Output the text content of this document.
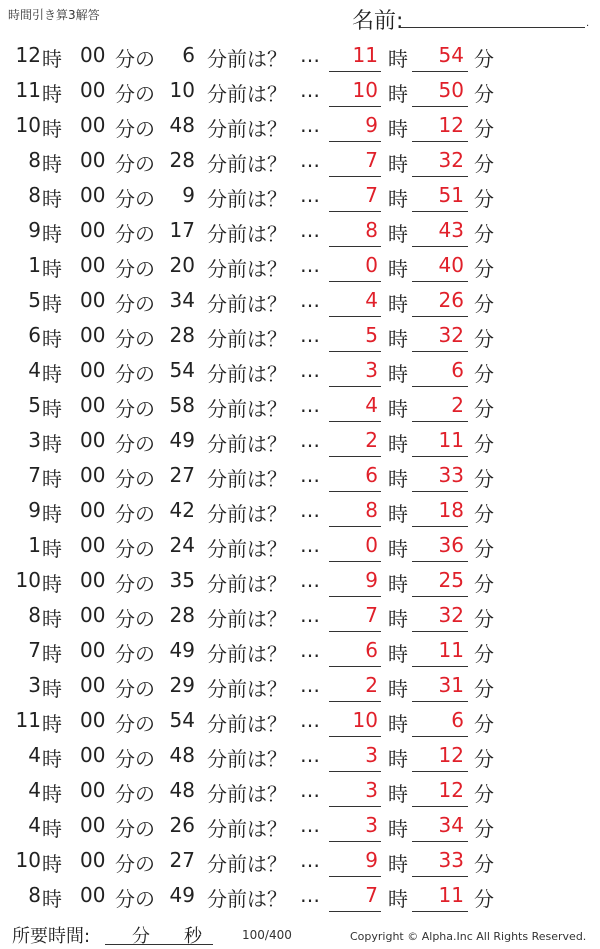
時間引き算3解答	名前:	.
12 時 00 分の	6 分前は？ …	11 時	54 分
11 時 00 分の 10 分前は？ …	10 時	50 分
10 時 00 分の 48 分前は？ …	9 時	12 分
8 時 00 分の 28 分前は？ …	7 時	32 分
8 時 00 分の	9 分前は？ …	7 時	51 分
9 時 00 分の 17 分前は？ …	8 時	43 分
1 時 00 分の 20 分前は？ …	0 時	40 分
5 時 00 分の 34 分前は？ …	4 時	26 分
6 時 00 分の 28 分前は？ …	5 時	32 分
4 時 00 分の 54 分前は？ …	3 時	6 分
5 時 00 分の 58 分前は？ …	4 時	2 分
3 時 00 分の 49 分前は？ …	2 時	11 分
7 時 00 分の 27 分前は？ …	6 時	33 分
9 時 00 分の 42 分前は？ …	8 時	18 分
1 時 00 分の 24 分前は？ …	0 時	36 分
10 時 00 分の 35 分前は？ …	9 時	25 分
8 時 00 分の 28 分前は？ …	7 時	32 分
7 時 00 分の 49 分前は？ …	6 時	11 分
3 時 00 分の 29 分前は？ …	2 時	31 分
11 時 00 分の 54 分前は？ …	10 時	6 分
4 時 00 分の 48 分前は？ …	3 時	12 分
4 時 00 分の 48 分前は？ …	3 時	12 分
4 時 00 分の 26 分前は？ …	3 時	34 分
10 時 00 分の 27 分前は？ …	9 時	33 分
8 時 00 分の 49 分前は？ …	7 時	11 分
所要時間: 分 秒	100/400	Copyright © Alpha.Inc All Rights Reserved.
